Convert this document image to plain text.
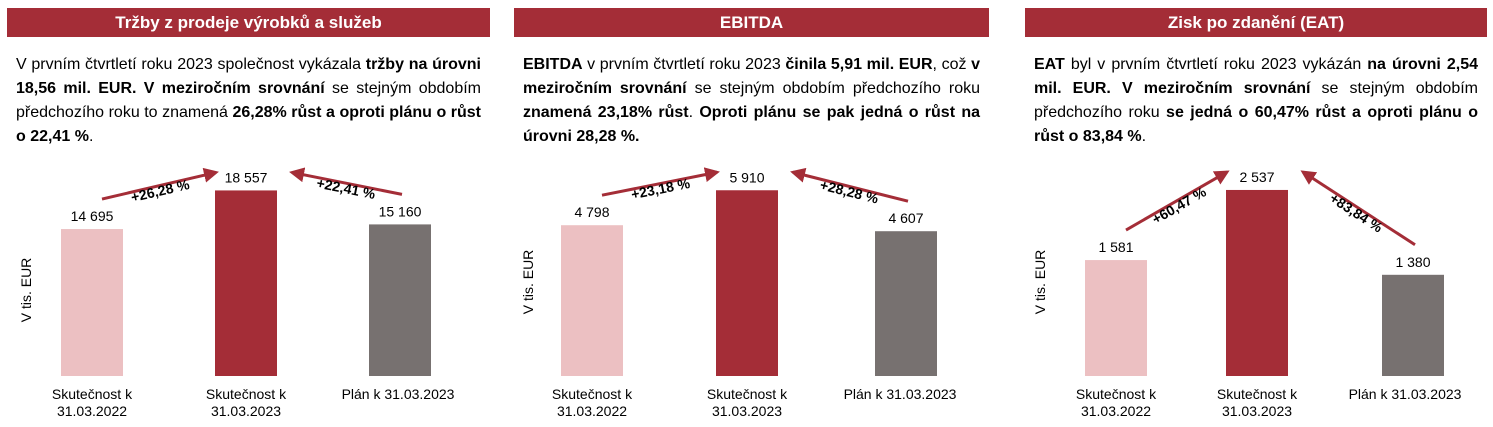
Tržby z prodeje výrobků a služeb
V prvním čtvrtletí roku 2023 společnost vykázala tržby na úrovni 18,56 mil. EUR. V meziročním srovnání se stejným obdobím předchozího roku to znamená 26,28% růst a oproti plánu o růst o 22,41 %.
V tis. EUR
14 695
Skutečnost k
31.03.2022
18 557
Skutečnost k
31.03.2023
15 160
Plán k 31.03.2023
+26,28 %	+22,41 %
EBITDA
EBITDA v prvním čtvrtletí roku 2023 činila 5,91 mil. EUR, což v meziročním srovnání se stejným obdobím předchozího roku znamená 23,18% růst. Oproti plánu se pak jedná o růst na úrovni 28,28 %.
V tis. EUR
4 798
Skutečnost k
31.03.2022
5 910
Skutečnost k
31.03.2023
4 607
Plán k 31.03.2023
+23,18 %	+28,28 %
Zisk po zdanění (EAT)
EAT byl v prvním čtvrtletí roku 2023 vykázán na úrovni 2,54 mil. EUR. V meziročním srovnání se stejným obdobím předchozího roku se jedná o 60,47% růst a oproti plánu o růst o 83,84 %.
V tis. EUR
1 581
Skutečnost k
31.03.2022
2 537
Skutečnost k
31.03.2023
1 380
Plán k 31.03.2023
+60,47 %	+83,84 %
